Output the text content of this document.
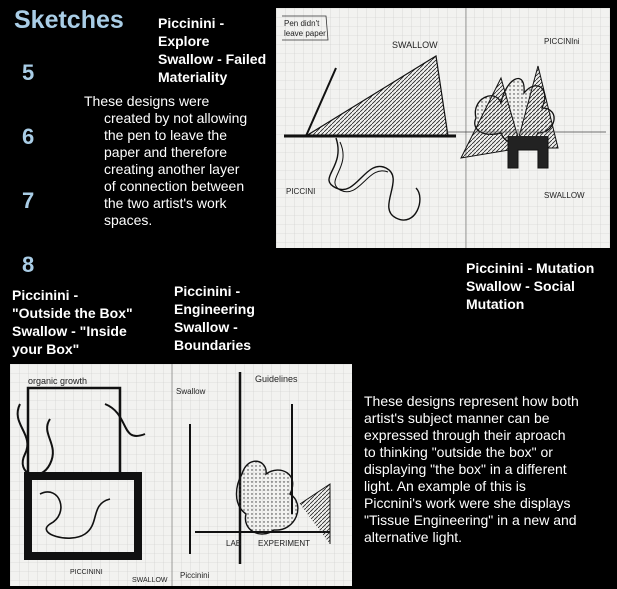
Sketches
5
6
7
8
Piccinini -
Explore
Swallow - Failed
Materiality
These designs were
created by not allowing
the pen to leave the
paper and therefore
creating another layer
of connection between
the two artist's work
spaces.
Piccinini - Mutation
Swallow - Social
Mutation
Piccinini -
"Outside the Box"
Swallow - "Inside
your Box"
Piccinini -
Engineering
Swallow -
Boundaries
These designs represent how both
artist's subject manner can be
expressed through their aproach
to thinking "outside the box" or
displaying "the box" in a different
light. An example of this is
Piccnini's work were she displays
"Tissue Engineering" in a new and
alternative light.
Pen didn't
leave paper
SWALLOW
PICCINI
PICCINIni
SWALLOW
organic growth
PICCININI
SWALLOW
Swallow
Guidelines
LAB EXPERIMENT
Piccinini
